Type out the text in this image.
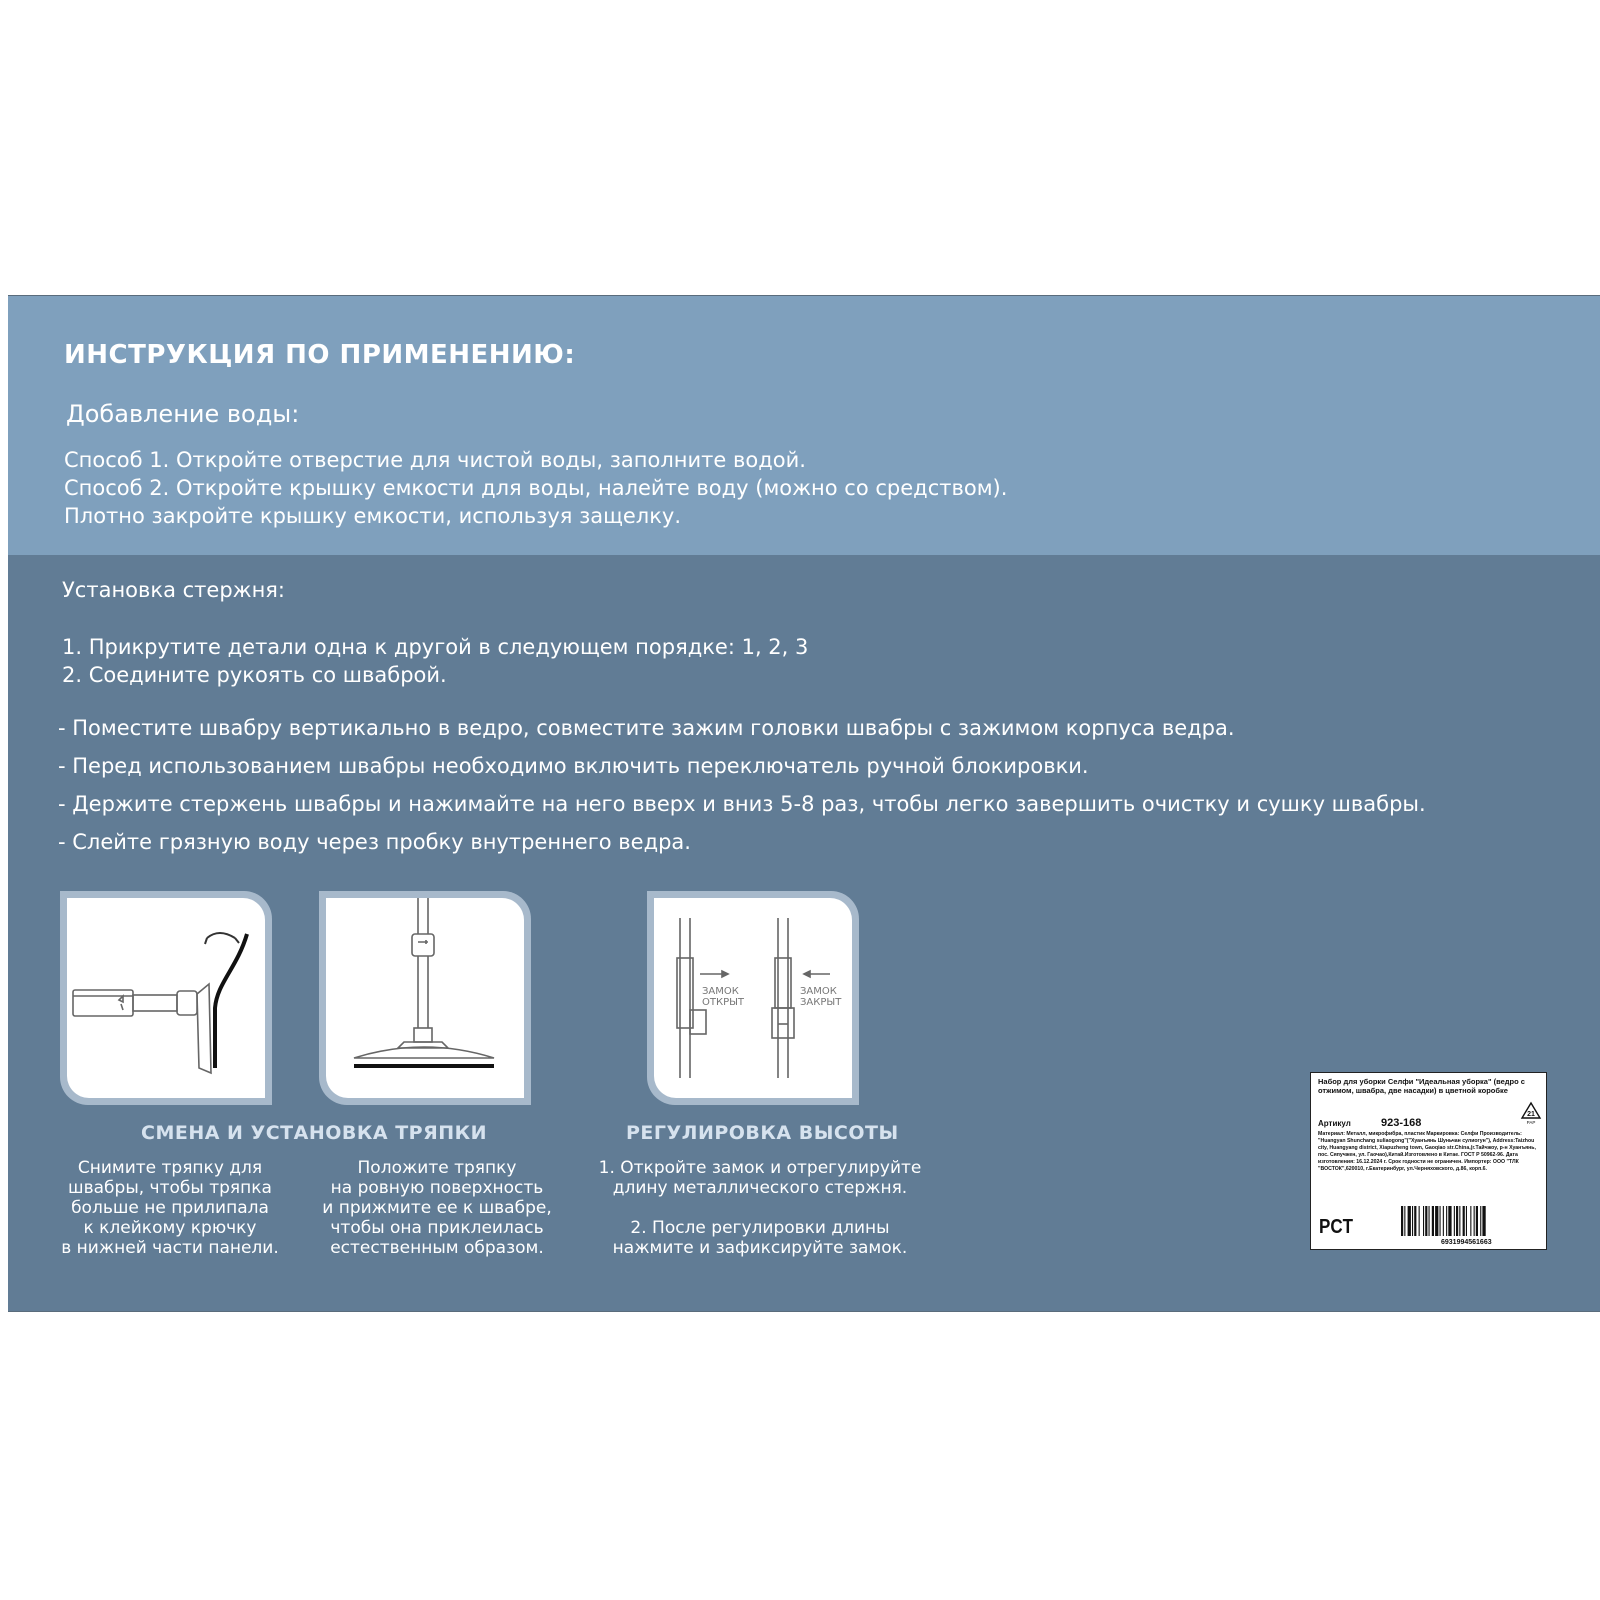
ИНСТРУКЦИЯ ПО ПРИМЕНЕНИЮ:
Добавление воды:
Способ 1. Откройте отверстие для чистой воды, заполните водой.
Способ 2. Откройте крышку емкости для воды, налейте воду (можно со средством).
Плотно закройте крышку емкости, используя защелку.
Установка стержня:
1. Прикрутите детали одна к другой в следующем порядке: 1, 2, 3
2. Соедините рукоять со шваброй.
- Поместите швабру вертикально в ведро, совместите зажим головки швабры с зажимом корпуса ведра.
- Перед использованием швабры необходимо включить переключатель ручной блокировки.
- Держите стержень швабры и нажимайте на него вверх и вниз 5-8 раз, чтобы легко завершить очистку и сушку швабры.
- Слейте грязную воду через пробку внутреннего ведра.
ЗАМОК
ОТКРЫТ
ЗАМОК
ЗАКРЫТ
СМЕНА И УСТАНОВКА ТРЯПКИ
Снимите тряпку для
швабры, чтобы тряпка
больше не прилипала
к клейкому крючку
в нижней части панели.
Положите тряпку
на ровную поверхность
и прижмите ее к швабре,
чтобы она приклеилась
естественным образом.
РЕГУЛИРОВКА ВЫСОТЫ
1. Откройте замок и отрегулируйте
длину металлического стержня.
2. После регулировки длины
нажмите и зафиксируйте замок.
Набор для уборки Селфи "Идеальная уборка" (ведро с отжимом, швабра, две насадки) в цветной коробке
Артикул	923-168
Материал: Металл, микрофибра, пластик Маркировка: Селфи Производитель: "Huangyan Shunchang suliaogong"("Хуанъянь Шуньчан сулиогун"), Address:Taizhou city, Huangyang district, Xiapuzheng town, Gaoqiao str.China,(г.Тайчжоу, р-н Хуанъянь, пос. Сяпучжен, ул. Гаочао),Китай.Изготовлено в Китае. ГОСТ Р 50962-96. Дата изготовления: 16.12.2024 г. Срок годности не ограничен. Импортер: ООО "ТЛК "ВОСТОК",620010, г.Екатеринбург, ул.Черняховского, д.86, корп.6.
21
PAP
PCT
6931994561663
